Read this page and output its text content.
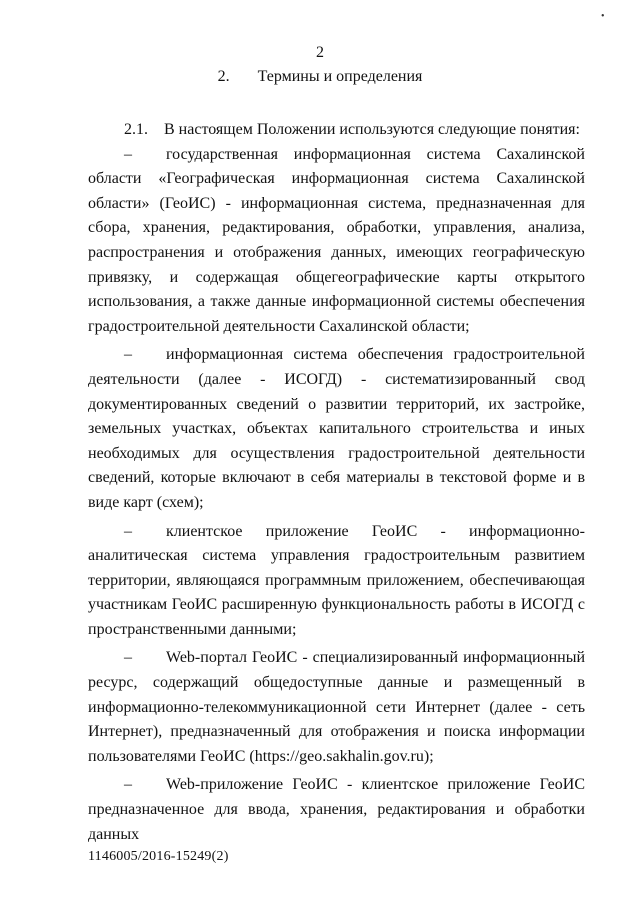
•
2
2. Термины и определения

2.1. В настоящем Положении используются следующие понятия:

– государственная информационная система Сахалинской области «Географическая информационная система Сахалинской области» (ГеоИС) - информационная система, предназначенная для сбора, хранения, редактирования, обработки, управления, анализа, распространения и отображения данных, имеющих географическую привязку, и содержащая общегеографические карты открытого использования, а также данные информационной системы обеспечения градостроительной деятельности Сахалинской области;

– информационная система обеспечения градостроительной деятельности (далее - ИСОГД) - систематизированный свод документированных сведений о развитии территорий, их застройке, земельных участках, объектах капитального строительства и иных необходимых для осуществления градостроительной деятельности сведений, которые включают в себя материалы в текстовой форме и в виде карт (схем);

– клиентское приложение ГеоИС - информационно-аналитическая система управления градостроительным развитием территории, являющаяся программным приложением, обеспечивающая участникам ГеоИС расширенную функциональность работы в ИСОГД с пространственными данными;

– Web-портал ГеоИС - специализированный информационный ресурс, содержащий общедоступные данные и размещенный в информационно-телекоммуникационной сети Интернет (далее - сеть Интернет), предназначенный для отображения и поиска информации пользователями ГеоИС (https://geo.sakhalin.gov.ru);

– Web-приложение ГеоИС - клиентское приложение ГеоИС предназначенное для ввода, хранения, редактирования и обработки данных

1146005/2016-15249(2)
